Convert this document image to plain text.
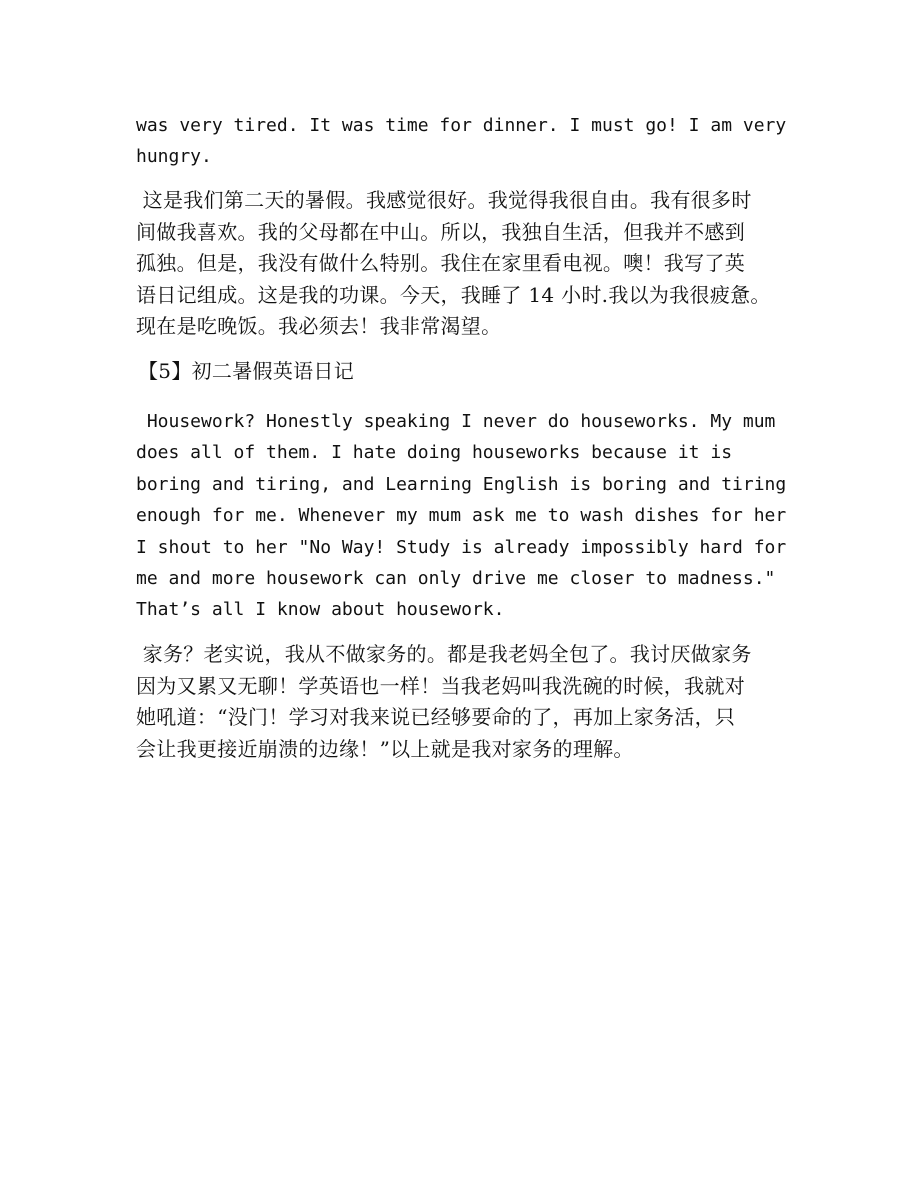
was very tired. It was time for dinner. I must go! I am very
hungry.
这是我们第二天的暑假。我感觉很好。我觉得我很自由。我有很多时
间做我喜欢。我的父母都在中山。所以，我独自生活，但我并不感到
孤独。但是，我没有做什么特别。我住在家里看电视。噢！我写了英
语日记组成。这是我的功课。今天，我睡了 14 小时.我以为我很疲惫。
现在是吃晚饭。我必须去！我非常渴望。
【5】初二暑假英语日记
Housework? Honestly speaking I never do houseworks. My mum
does all of them. I hate doing houseworks because it is
boring and tiring, and Learning English is boring and tiring
enough for me. Whenever my mum ask me to wash dishes for her
I shout to her "No Way! Study is already impossibly hard for
me and more housework can only drive me closer to madness."
That’s all I know about housework.
家务？老实说，我从不做家务的。都是我老妈全包了。我讨厌做家务
因为又累又无聊！学英语也一样！当我老妈叫我洗碗的时候，我就对
她吼道：“没门！学习对我来说已经够要命的了，再加上家务活，只
会让我更接近崩溃的边缘！”以上就是我对家务的理解。
